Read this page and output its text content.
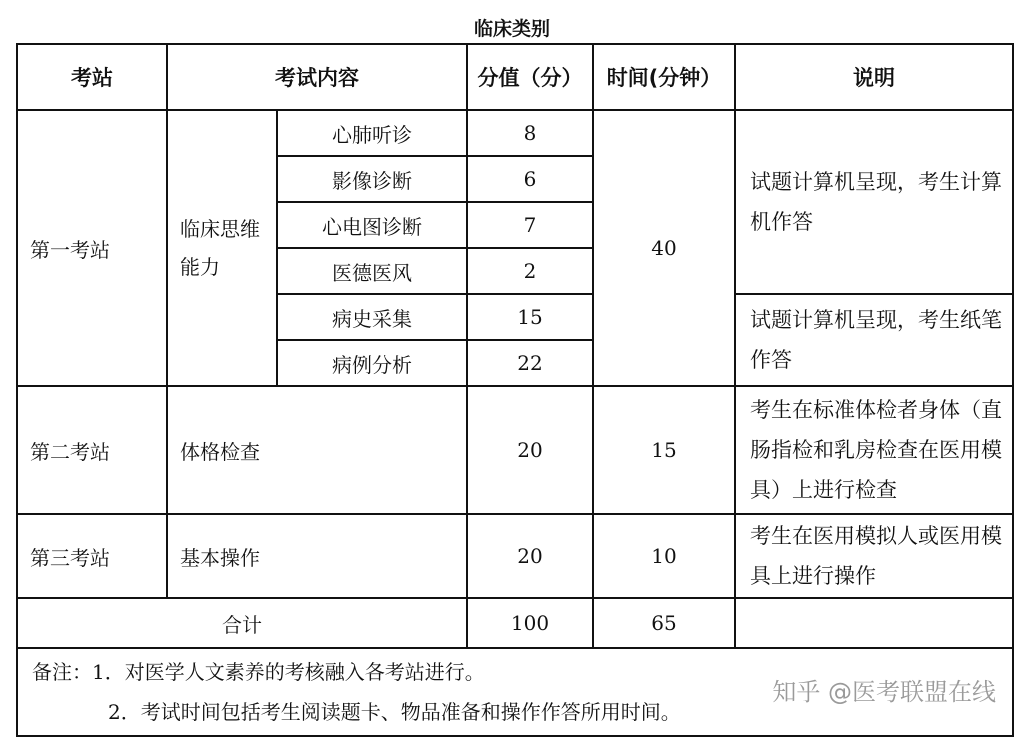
临床类别
考站	考试内容		分值（分）	时间(分钟）	说明
第一考站	临床思维能力	心肺听诊	8	40	试题计算机呈现，考生计算机作答
		影像诊断	6		
		心电图诊断	7		
		医德医风	2		
		病史采集	15		试题计算机呈现，考生纸笔作答
		病例分析	22		
第二考站	体格检查		20	15	考生在标准体检者身体（直肠指检和乳房检查在医用模具）上进行检查
第三考站	基本操作		20	10	考生在医用模拟人或医用模具上进行操作
合计			100	65	

备注：1．对医学人文素养的考核融入各考站进行。
2．考试时间包括考生阅读题卡、物品准备和操作作答所用时间。					
知乎 @医考联盟在线
